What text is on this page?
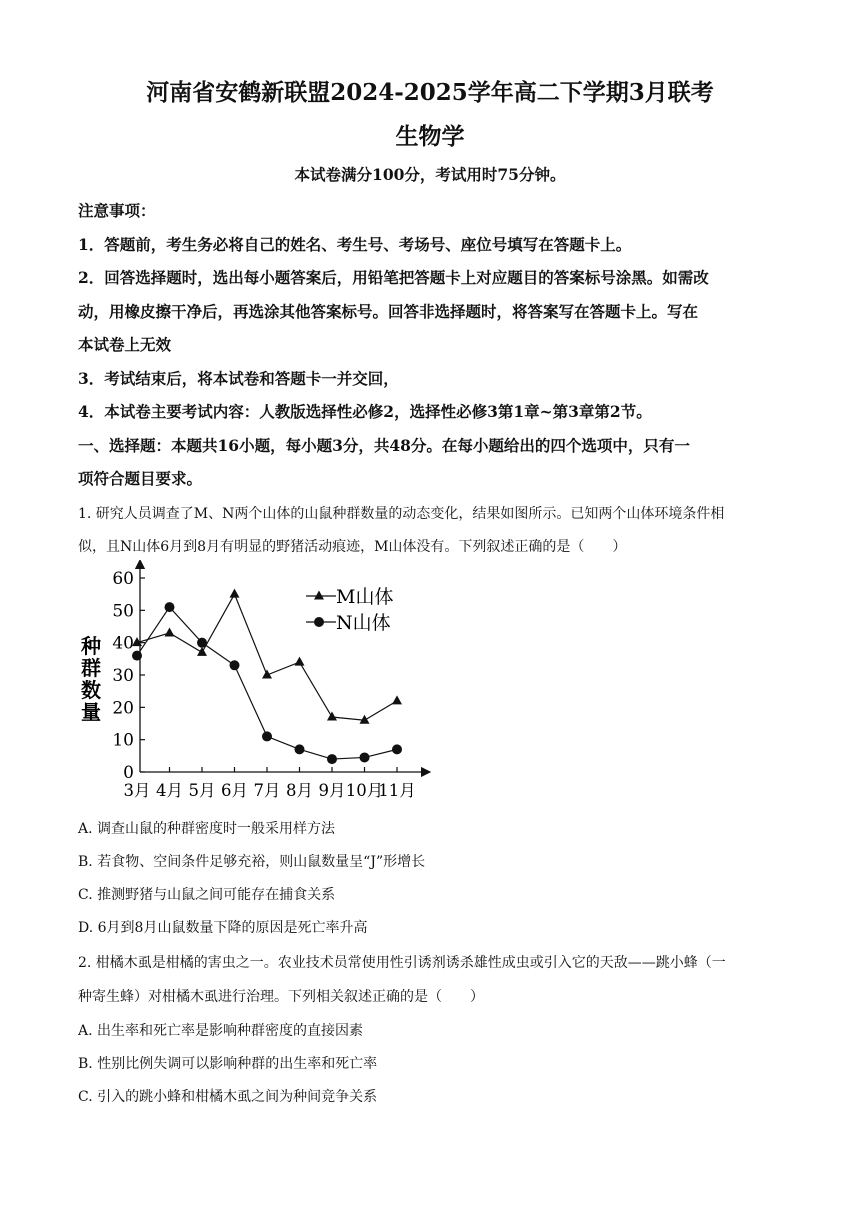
河南省安鹤新联盟2024-2025学年高二下学期3月联考
生物学
本试卷满分100分，考试用时75分钟。
注意事项：
1．答题前，考生务必将自己的姓名、考生号、考场号、座位号填写在答题卡上。
2．回答选择题时，选出每小题答案后，用铅笔把答题卡上对应题目的答案标号涂黑。如需改
动，用橡皮擦干净后，再选涂其他答案标号。回答非选择题时，将答案写在答题卡上。写在
本试卷上无效
3．考试结束后，将本试卷和答题卡一并交回，
4．本试卷主要考试内容：人教版选择性必修2，选择性必修3第1章~第3章第2节。
一、选择题：本题共16小题，每小题3分，共48分。在每小题给出的四个选项中，只有一
项符合题目要求。
1. 研究人员调查了M、N两个山体的山鼠种群数量的动态变化，结果如图所示。已知两个山体环境条件相
似，且N山体6月到8月有明显的野猪活动痕迹，M山体没有。下列叙述正确的是（　　）
0
10
20
30
40
50
60
3月 4月 5月 6月 7月 8月 9月 10月
11月
M山体
N山体
种
群
数
量
A. 调查山鼠的种群密度时一般采用样方法
B. 若食物、空间条件足够充裕，则山鼠数量呈“J”形增长
C. 推测野猪与山鼠之间可能存在捕食关系
D. 6月到8月山鼠数量下降的原因是死亡率升高
2. 柑橘木虱是柑橘的害虫之一。农业技术员常使用性引诱剂诱杀雄性成虫或引入它的天敌——跳小蜂（一
种寄生蜂）对柑橘木虱进行治理。下列相关叙述正确的是（　　）
A. 出生率和死亡率是影响种群密度的直接因素
B. 性别比例失调可以影响种群的出生率和死亡率
C. 引入的跳小蜂和柑橘木虱之间为种间竞争关系
